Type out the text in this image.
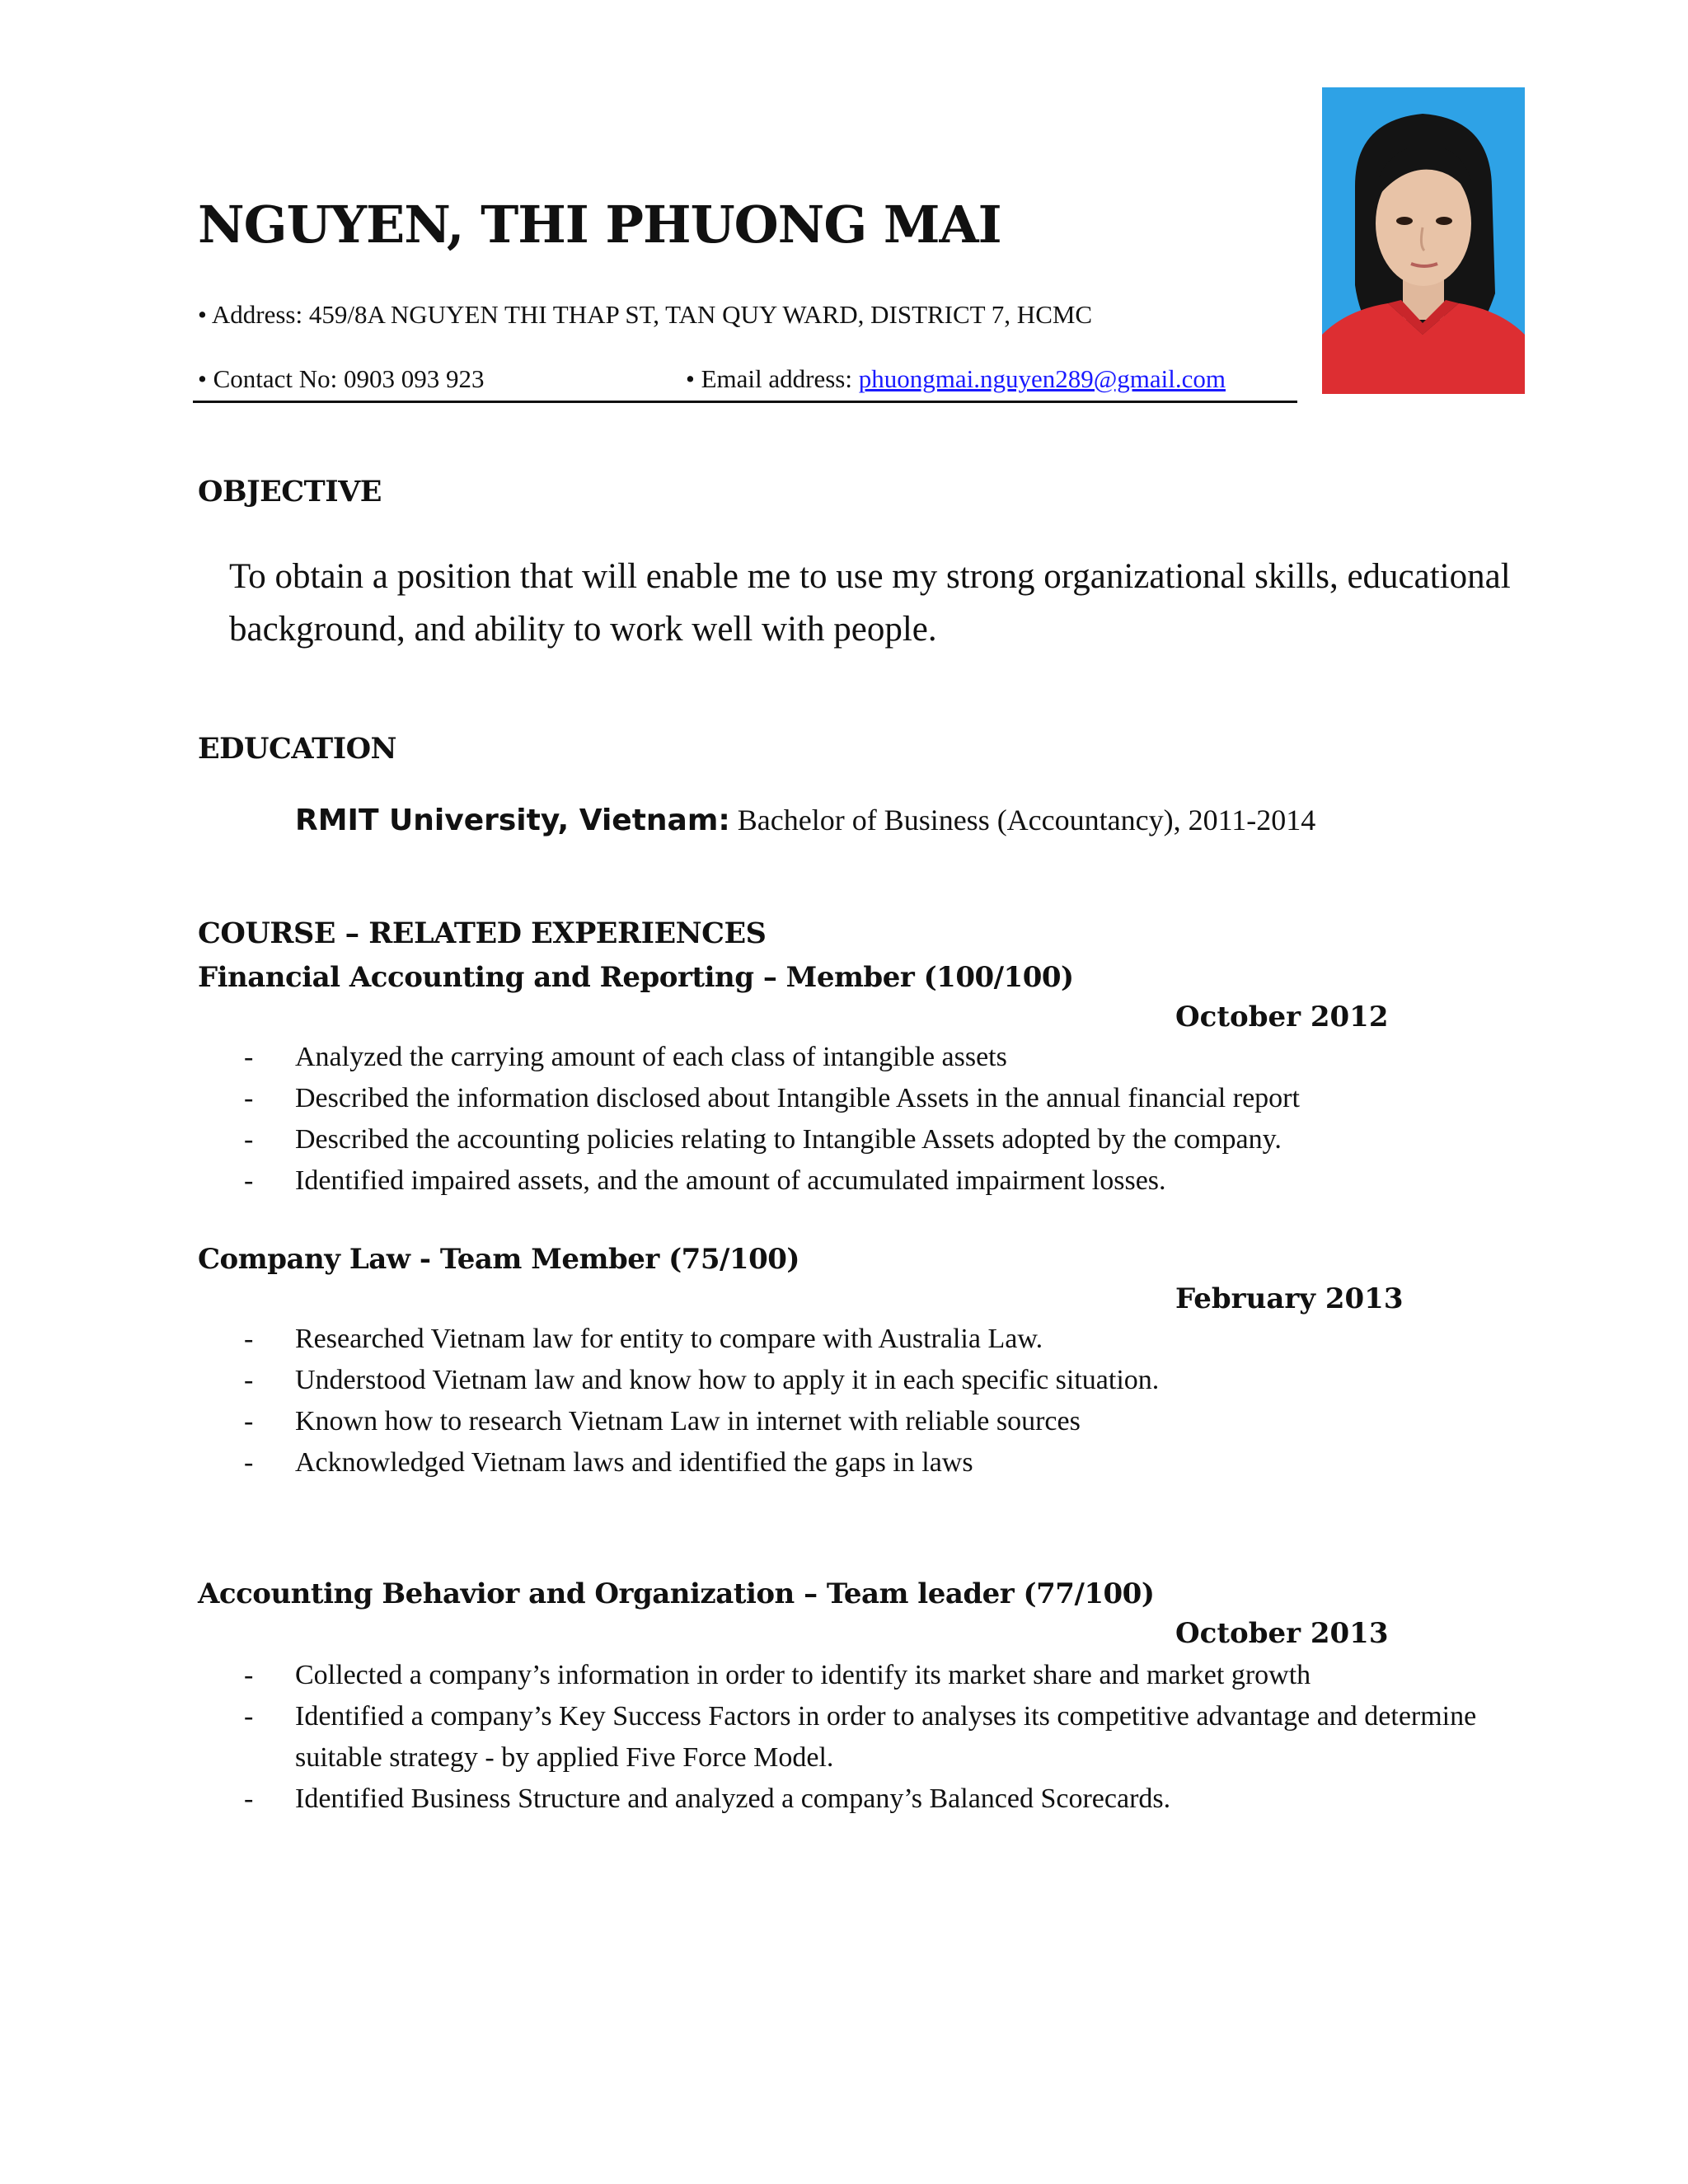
NGUYEN, THI PHUONG MAI
• Address: 459/8A NGUYEN THI THAP ST, TAN QUY WARD, DISTRICT 7, HCMC
• Contact No: 0903 093 923	• Email address: phuongmai.nguyen289@gmail.com
OBJECTIVE
To obtain a position that will enable me to use my strong organizational skills, educational background, and ability to work well with people.
EDUCATION
RMIT University, Vietnam: Bachelor of Business (Accountancy), 2011-2014
COURSE – RELATED EXPERIENCES
Financial Accounting and Reporting – Member (100/100)
October 2012
- Analyzed the carrying amount of each class of intangible assets
- Described the information disclosed about Intangible Assets in the annual financial report
- Described the accounting policies relating to Intangible Assets adopted by the company.
- Identified impaired assets, and the amount of accumulated impairment losses.
Company Law - Team Member (75/100)
February 2013
- Researched Vietnam law for entity to compare with Australia Law.
- Understood Vietnam law and know how to apply it in each specific situation.
- Known how to research Vietnam Law in internet with reliable sources
- Acknowledged Vietnam laws and identified the gaps in laws
Accounting Behavior and Organization – Team leader (77/100)
October 2013
- Collected a company’s information in order to identify its market share and market growth
- Identified a company’s Key Success Factors in order to analyses its competitive advantage and determine suitable strategy - by applied Five Force Model.
- Identified Business Structure and analyzed a company’s Balanced Scorecards.
